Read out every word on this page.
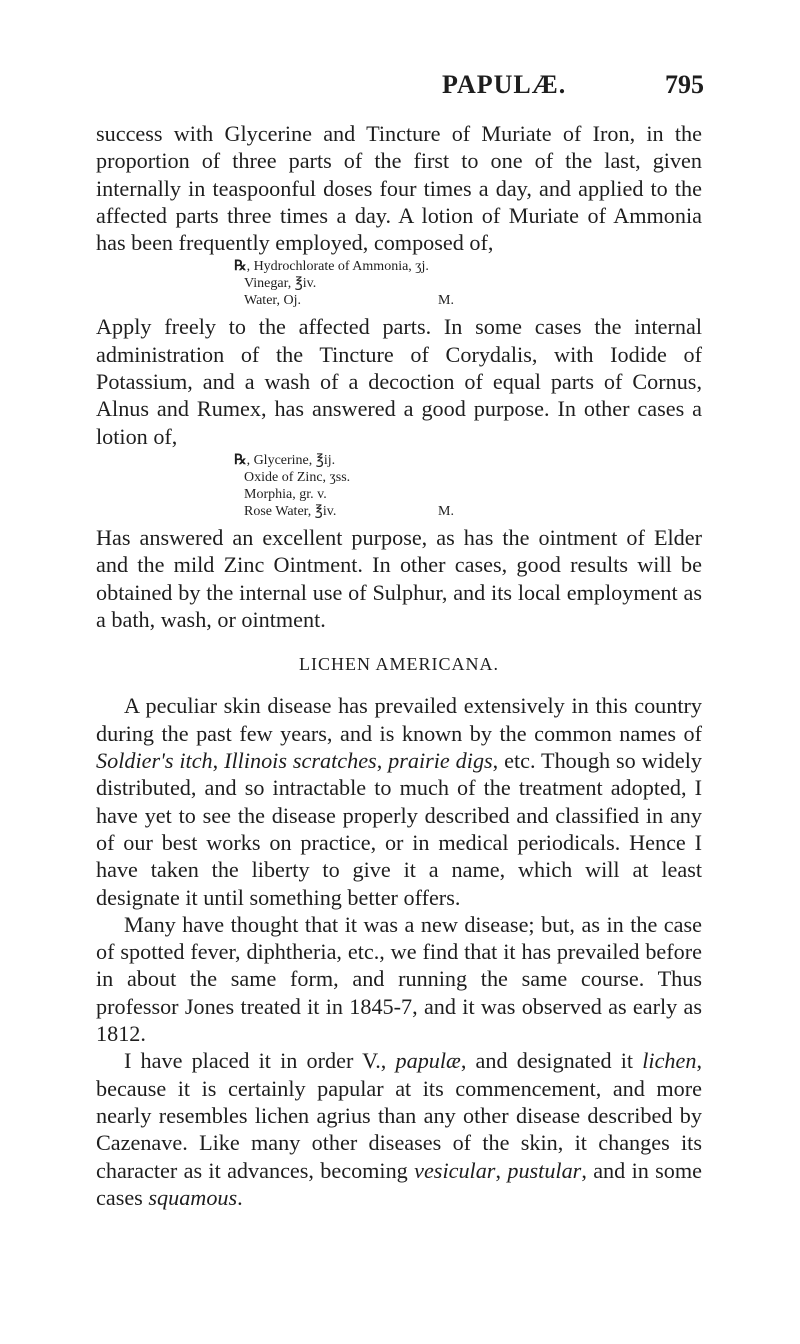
PAPULÆ.	795

success with Glycerine and Tincture of Muriate of Iron, in the proportion of three parts of the first to one of the last, given internally in teaspoonful doses four times a day, and applied to the affected parts three times a day. A lotion of Muriate of Ammonia has been frequently employed, composed of,

℞, Hydrochlorate of Ammonia, ʒj.
Vinegar, ℥iv.
Water, Oj.	M.

Apply freely to the affected parts. In some cases the internal administration of the Tincture of Corydalis, with Iodide of Potassium, and a wash of a decoction of equal parts of Cornus, Alnus and Rumex, has answered a good purpose. In other cases a lotion of,

℞, Glycerine, ℥ij.
Oxide of Zinc, ʒss.
Morphia, gr. v.
Rose Water, ℥iv.	M.

Has answered an excellent purpose, as has the ointment of Elder and the mild Zinc Ointment. In other cases, good results will be obtained by the internal use of Sulphur, and its local employment as a bath, wash, or ointment.

LICHEN AMERICANA.

A peculiar skin disease has prevailed extensively in this country during the past few years, and is known by the common names of Soldier's itch, Illinois scratches, prairie digs, etc. Though so widely distributed, and so intractable to much of the treatment adopted, I have yet to see the disease properly described and classified in any of our best works on practice, or in medical periodicals. Hence I have taken the liberty to give it a name, which will at least designate it until something better offers.

Many have thought that it was a new disease; but, as in the case of spotted fever, diphtheria, etc., we find that it has prevailed before in about the same form, and running the same course. Thus professor Jones treated it in 1845-7, and it was observed as early as 1812.

I have placed it in order V., papulæ, and designated it lichen, because it is certainly papular at its commencement, and more nearly resembles lichen agrius than any other disease described by Cazenave. Like many other diseases of the skin, it changes its character as it advances, becoming vesicular, pustular, and in some cases squamous.
